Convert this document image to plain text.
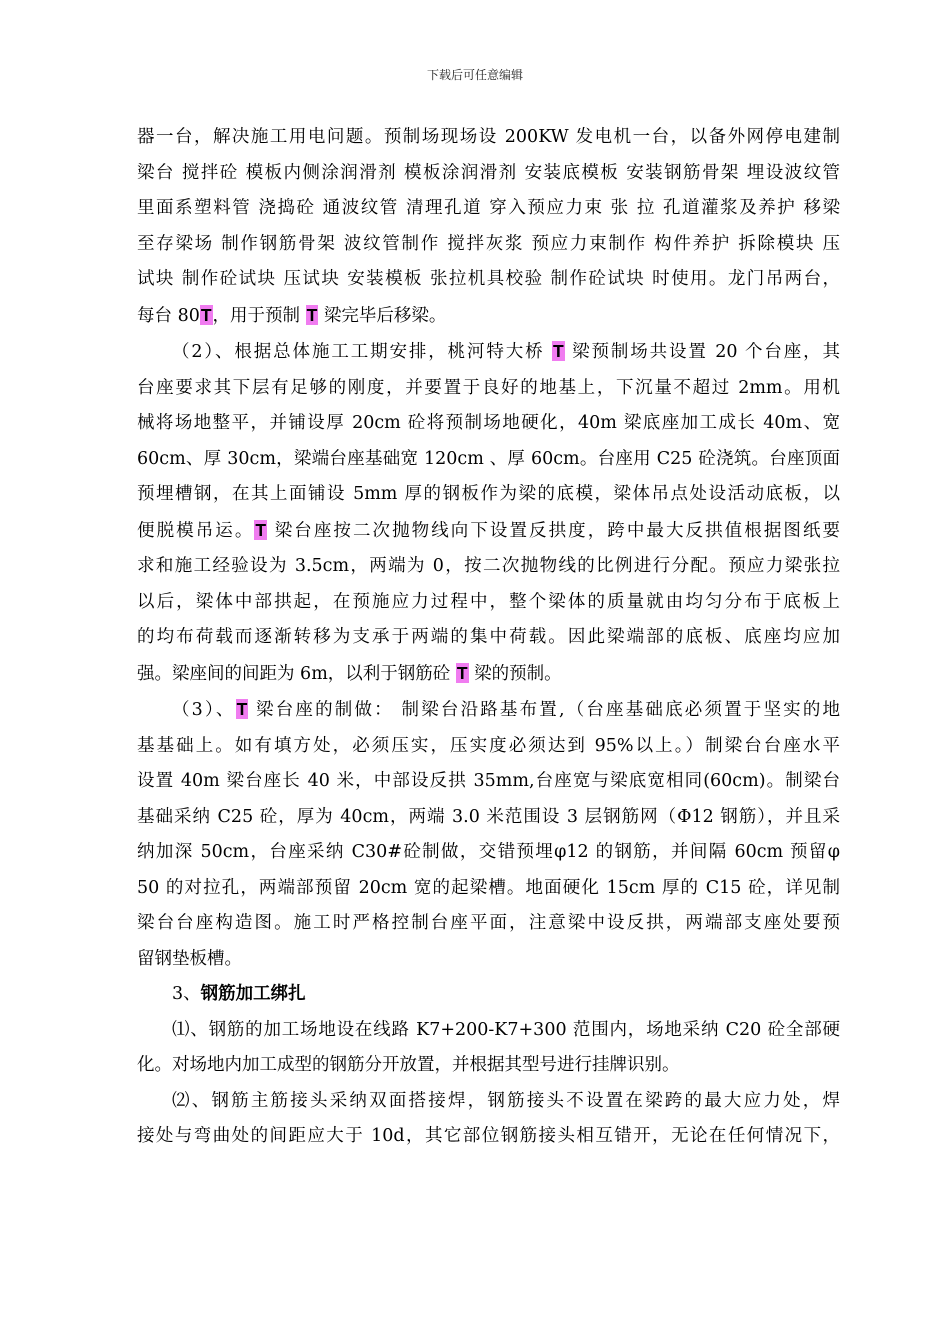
下载后可任意编辑
器一台，解决施工用电问题。预制场现场设 200KW 发电机一台，以备外网停电建制
梁台 搅拌砼 模板内侧涂润滑剂 模板涂润滑剂 安装底模板 安装钢筋骨架 埋设波纹管
里面系塑料管 浇捣砼 通波纹管 清理孔道 穿入预应力束 张 拉 孔道灌浆及养护 移梁
至存梁场 制作钢筋骨架 波纹管制作 搅拌灰浆 预应力束制作 构件养护 拆除模块 压
试块 制作砼试块 压试块 安装模板 张拉机具校验 制作砼试块 时使用。龙门吊两台，
每台 80T，用于预制 T 梁完毕后移梁。
（2）、根据总体施工工期安排，桃河特大桥 T 梁预制场共设置 20 个台座，其
台座要求其下层有足够的刚度，并要置于良好的地基上，下沉量不超过 2mm。用机
械将场地整平，并铺设厚 20cm 砼将预制场地硬化，40m 梁底座加工成长 40m、宽
60cm、厚 30cm，梁端台座基础宽 120cm 、厚 60cm。台座用 C25 砼浇筑。台座顶面
预埋槽钢，在其上面铺设 5mm 厚的钢板作为梁的底模，梁体吊点处设活动底板，以
便脱模吊运。T 梁台座按二次抛物线向下设置反拱度，跨中最大反拱值根据图纸要
求和施工经验设为 3.5cm，两端为 0，按二次抛物线的比例进行分配。预应力梁张拉
以后，梁体中部拱起，在预施应力过程中，整个梁体的质量就由均匀分布于底板上
的均布荷载而逐渐转移为支承于两端的集中荷载。因此梁端部的底板、底座均应加
强。梁座间的间距为 6m，以利于钢筋砼 T 梁的预制。
（3）、T 梁台座的制做： 制梁台沿路基布置,（台座基础底必须置于坚实的地
基基础上。如有填方处，必须压实，压实度必须达到 95%以上。）制梁台台座水平
设置 40m 梁台座长 40 米，中部设反拱 35mm,台座宽与梁底宽相同(60cm)。制梁台
基础采纳 C25 砼，厚为 40cm，两端 3.0 米范围设 3 层钢筋网（Φ12 钢筋），并且采
纳加深 50cm，台座采纳 C30#砼制做，交错预埋φ12 的钢筋，并间隔 60cm 预留φ
50 的对拉孔，两端部预留 20cm 宽的起梁槽。地面硬化 15cm 厚的 C15 砼，详见制
梁台台座构造图。施工时严格控制台座平面，注意梁中设反拱，两端部支座处要预
留钢垫板槽。
3、钢筋加工绑扎
⑴、钢筋的加工场地设在线路 K7+200-K7+300 范围内，场地采纳 C20 砼全部硬
化。对场地内加工成型的钢筋分开放置，并根据其型号进行挂牌识别。
⑵、钢筋主筋接头采纳双面搭接焊，钢筋接头不设置在梁跨的最大应力处，焊
接处与弯曲处的间距应大于 10d，其它部位钢筋接头相互错开，无论在任何情况下，
